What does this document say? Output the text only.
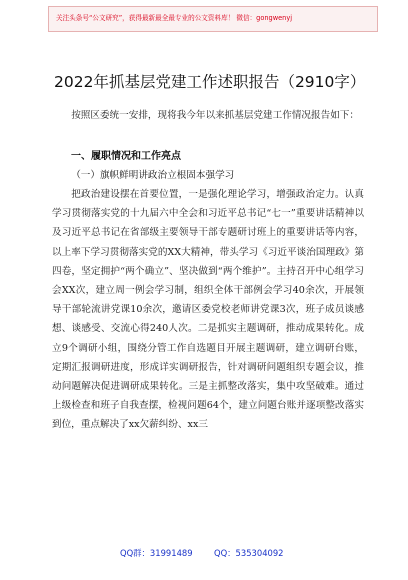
关注头条号“公文研究”，获得最新最全最专业的公文资料库！ 微信：gongwenyj
2022年抓基层党建工作述职报告（2910字）
按照区委统一安排，现将我今年以来抓基层党建工作情况报告如下：
一、履职情况和工作亮点
（一）旗帜鲜明讲政治立根固本强学习
把政治建设摆在首要位置，一是强化理论学习，增强政治定力。认真学习贯彻落实党的十九届六中全会和习近平总书记“七一”重要讲话精神以及习近平总书记在省部级主要领导干部专题研讨班上的重要讲话等内容，以上率下学习贯彻落实党的XX大精神，带头学习《习近平谈治国理政》第四卷，坚定拥护“两个确立”、坚决做到“两个维护”。主持召开中心组学习会XX次，建立周一例会学习制，组织全体干部例会学习40余次，开展领导干部轮流讲党课10余次，邀请区委党校老师讲党课3次，班子成员谈感想、谈感受、交流心得240人次。二是抓实主题调研，推动成果转化。成立9个调研小组，围绕分管工作自选题目开展主题调研，建立调研台账，定期汇报调研进度，形成详实调研报告，针对调研问题组织专题会议，推动问题解决促进调研成果转化。三是主抓整改落实，集中攻坚破难。通过上级检查和班子自我查摆，检视问题64个，建立问题台账并逐项整改落实到位，重点解决了xx欠薪纠纷、xx三
QQ群：31991489	QQ：535304092
